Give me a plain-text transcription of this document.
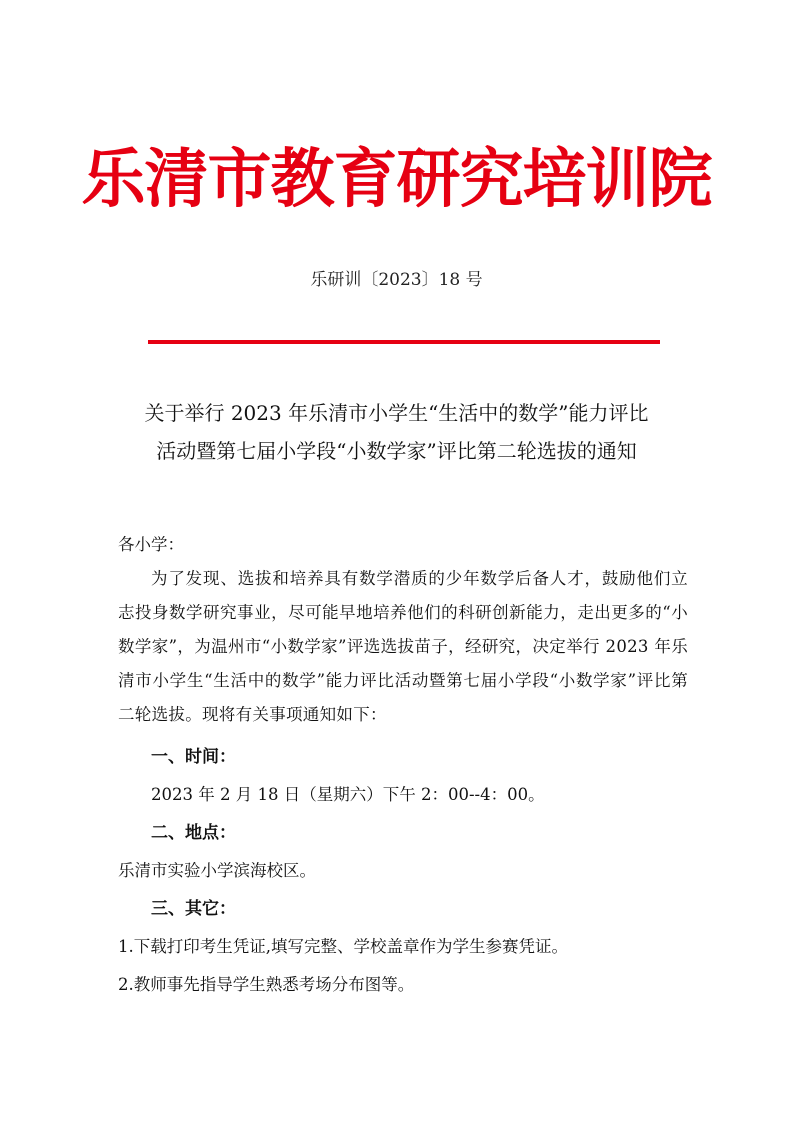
乐清市教育研究培训院
乐研训〔2023〕18 号
关于举行 2023 年乐清市小学生“生活中的数学”能力评比
活动暨第七届小学段“小数学家”评比第二轮选拔的通知

各小学：

为了发现、选拔和培养具有数学潜质的少年数学后备人才，鼓励他们立志投身数学研究事业，尽可能早地培养他们的科研创新能力，走出更多的“小数学家”，为温州市“小数学家”评选选拔苗子，经研究，决定举行 2023 年乐清市小学生“生活中的数学”能力评比活动暨第七届小学段“小数学家”评比第二轮选拔。现将有关事项通知如下：

一、时间：

2023 年 2 月 18 日（星期六）下午 2：00--4：00。

二、地点：

乐清市实验小学滨海校区。

三、其它：

1.下载打印考生凭证,填写完整、学校盖章作为学生参赛凭证。

2.教师事先指导学生熟悉考场分布图等。
